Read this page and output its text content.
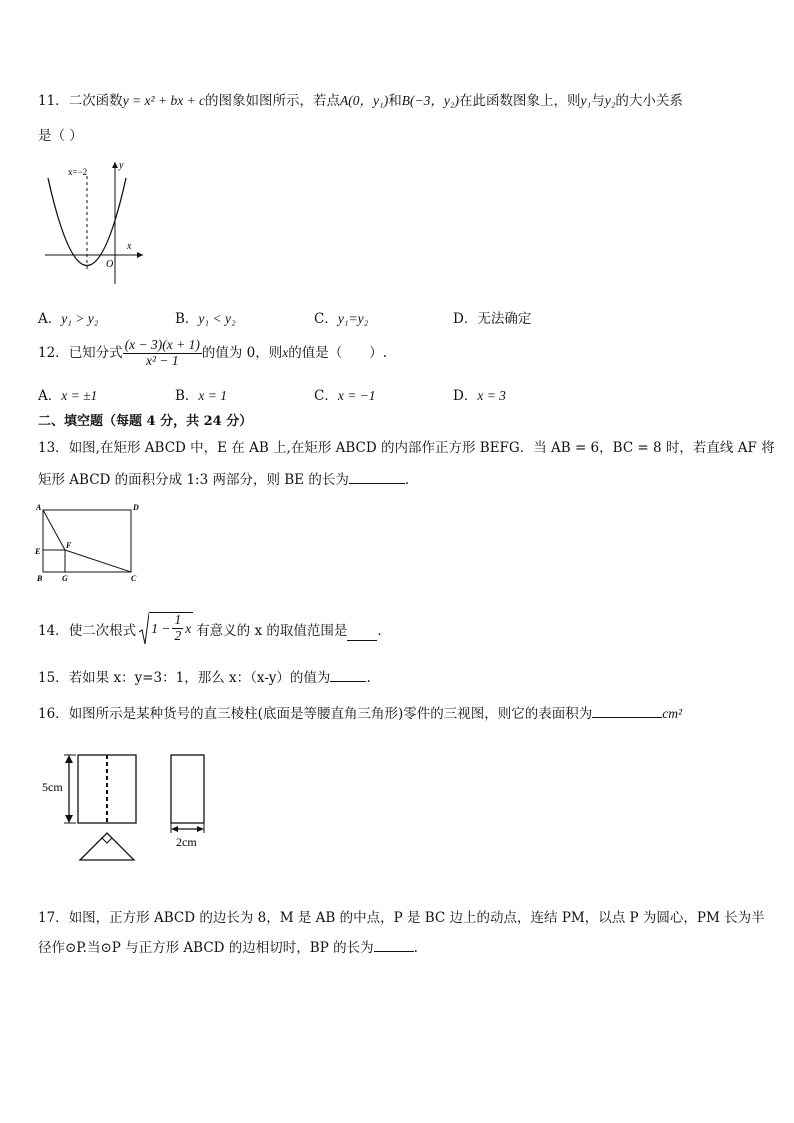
11．二次函数y = x² + bx + c的图象如图所示，若点A(0，y₁)和B(−3，y₂)在此函数图象上，则y₁与y₂的大小关系
是（ ）
x=−2
y
x
O
A．y₁ > y₂	B．y₁ < y₂	C．y₁=y₂	D．无法确定
12．已知分式 $\frac{(x - 3)(x + 1)}{\text{x² − 1}}$ 的值为 0，则x的值是（　　）.
A．x = ±1	B．x = 1	C．x = −1	D．x = 3
二、填空题（每题 4 分，共 24 分）
13．如图,在矩形 ABCD 中，E 在 AB 上,在矩形 ABCD 的内部作正方形 BEFG．当 AB = 6，BC = 8 时，若直线 AF 将
矩形 ABCD 的面积分成 1:3 两部分，则 BE 的长为	.
A	D
E
F
B G	C
14． 使二次根式 $1 - \frac{1}{2}$ x 有意义的 x 的取值范围是 ．
15．若如果 x：y=3：1，那么 x：（x-y）的值为	.
16．如图所示是某种货号的直三棱柱(底面是等腰直角三角形)零件的三视图，则它的表面积为	cm²
5cm
2cm
17．如图，正方形 ABCD 的边长为 8，M 是 AB 的中点，P 是 BC 边上的动点，连结 PM，以点 P 为圆心，PM 长为半
径作⊙P.当⊙P 与正方形 ABCD 的边相切时，BP 的长为	.
